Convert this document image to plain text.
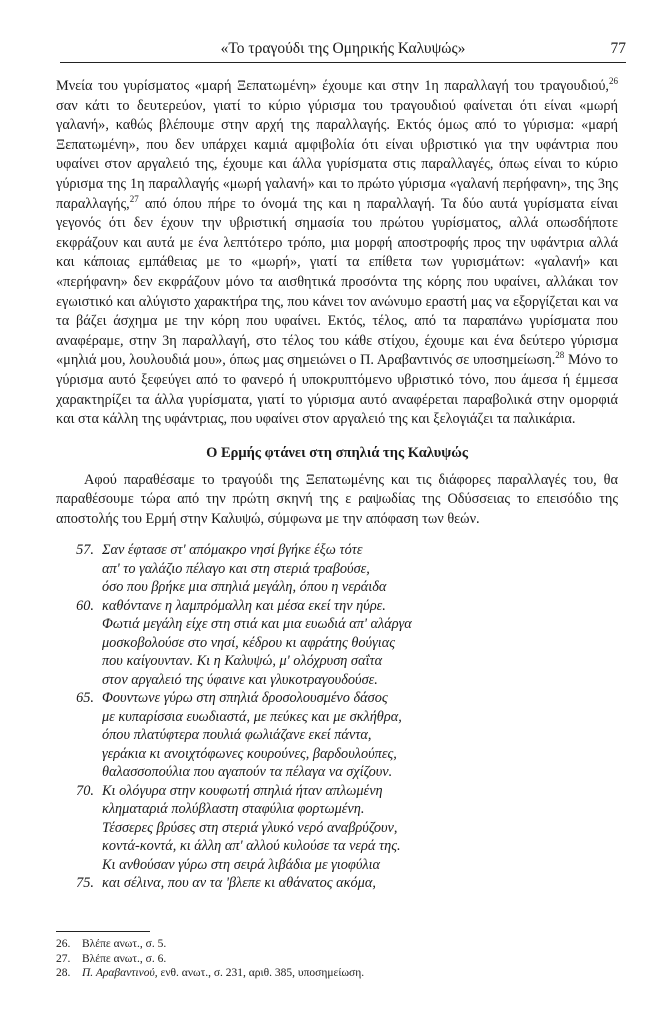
«Το τραγούδι της Ομηρικής Καλυψώς»	77

Μνεία του γυρίσματος «μαρή Ξεπατωμένη» έχουμε και στην 1η παραλλαγή του τραγουδιού,$^{26}$ σαν κάτι το δευτερεύον, γιατί το κύριο γύρισμα του τραγουδιού φαίνεται ότι είναι «μωρή γαλανή», καθώς βλέπουμε στην αρχή της παραλλαγής. Εκτός όμως από το γύρισμα: «μαρή Ξεπατωμένη», που δεν υπάρχει καμιά αμφιβολία ότι είναι υβριστικό για την υφάντρια που υφαίνει στον αργαλειό της, έχουμε και άλλα γυρίσματα στις παραλλαγές, όπως είναι το κύριο γύρισμα της 1η παραλλαγής «μωρή γαλανή» και το πρώτο γύρισμα «γαλανή περήφανη», της 3ης παραλλαγής,$^{27}$ από όπου πήρε το όνομά της και η παραλλαγή. Τα δύο αυτά γυρίσματα είναι γεγονός ότι δεν έχουν την υβριστική σημασία του πρώτου γυρίσματος, αλλά οπωσδήποτε εκφράζουν και αυτά με ένα λεπτότερο τρόπο, μια μορφή αποστροφής προς την υφάντρια αλλά και κάποιας εμπάθειας με το «μωρή», γιατί τα επίθετα των γυρισμάτων: «γαλανή» και «περήφανη» δεν εκφράζουν μόνο τα αισθητικά προσόντα της κόρης που υφαίνει, αλλάκαι τον εγωιστικό και αλύγιστο χαρακτήρα της, που κάνει τον ανώνυμο εραστή μας να εξοργίζεται και να τα βάζει άσχημα με την κόρη που υφαίνει. Εκτός, τέλος, από τα παραπάνω γυρίσματα που αναφέραμε, στην 3η παραλλαγή, στο τέλος του κάθε στίχου, έχουμε και ένα δεύτερο γύρισμα «μηλιά μου, λουλουδιά μου», όπως μας σημειώνει ο Π. Αραβαντινός σε υποσημείωση.$^{28}$ Μόνο το γύρισμα αυτό ξεφεύγει από το φανερό ή υποκρυπτόμενο υβριστικό τόνο, που άμεσα ή έμμεσα χαρακτηρίζει τα άλλα γυρίσματα, γιατί το γύρισμα αυτό αναφέρεται παραβολικά στην ομορφιά και στα κάλλη της υφάντριας, που υφαίνει στον αργαλειό της και ξελογιάζει τα παλικάρια.

Ο Ερμής φτάνει στη σπηλιά της Καλυψώς

Αφού παραθέσαμε το τραγούδι της Ξεπατωμένης και τις διάφορες παραλλαγές του, θα παραθέσουμε τώρα από την πρώτη σκηνή της ε ραψωδίας της Οδύσσειας το επεισόδιο της αποστολής του Ερμή στην Καλυψώ, σύμφωνα με την απόφαση των θεών.

57. Σαν έφτασε στ' απόμακρο νησί βγήκε έξω τότε
απ' το γαλάζιο πέλαγο και στη στεριά τραβούσε,
όσο που βρήκε μια σπηλιά μεγάλη, όπου η νεράιδα
60. καθόντανε η λαμπρόμαλλη και μέσα εκεί την ηύρε.
Φωτιά μεγάλη είχε στη στιά και μια ευωδιά απ' αλάργα
μοσκοβολούσε στο νησί, κέδρου κι αφράτης θούγιας
που καίγουνταν. Κι η Καλυψώ, μ' ολόχρυση σαΐτα
στον αργαλειό της ύφαινε και γλυκοτραγουδούσε.
65. Φουντωνε γύρω στη σπηλιά δροσολουσμένο δάσος
με κυπαρίσσια ευωδιαστά, με πεύκες και με σκλήθρα,
όπου πλατύφτερα πουλιά φωλιάζανε εκεί πάντα,
γεράκια κι ανοιχτόφωνες κουρούνες, βαρδουλούπες,
θαλασσοπούλια που αγαπούν τα πέλαγα να σχίζουν.
70. Κι ολόγυρα στην κουφωτή σπηλιά ήταν απλωμένη
κληματαριά πολύβλαστη σταφύλια φορτωμένη.
Τέσσερες βρύσες στη στεριά γλυκό νερό αναβρύζουν,
κοντά-κοντά, κι άλλη απ' αλλού κυλούσε τα νερά της.
Κι ανθούσαν γύρω στη σειρά λιβάδια με γιοφύλια
75. και σέλινα, που αν τα 'βλεπε κι αθάνατος ακόμα,
26. Βλέπε ανωτ., σ. 5.
27. Βλέπε ανωτ., σ. 6.
28. Π. Αραβαντινού, ενθ. ανωτ., σ. 231, αριθ. 385, υποσημείωση.
